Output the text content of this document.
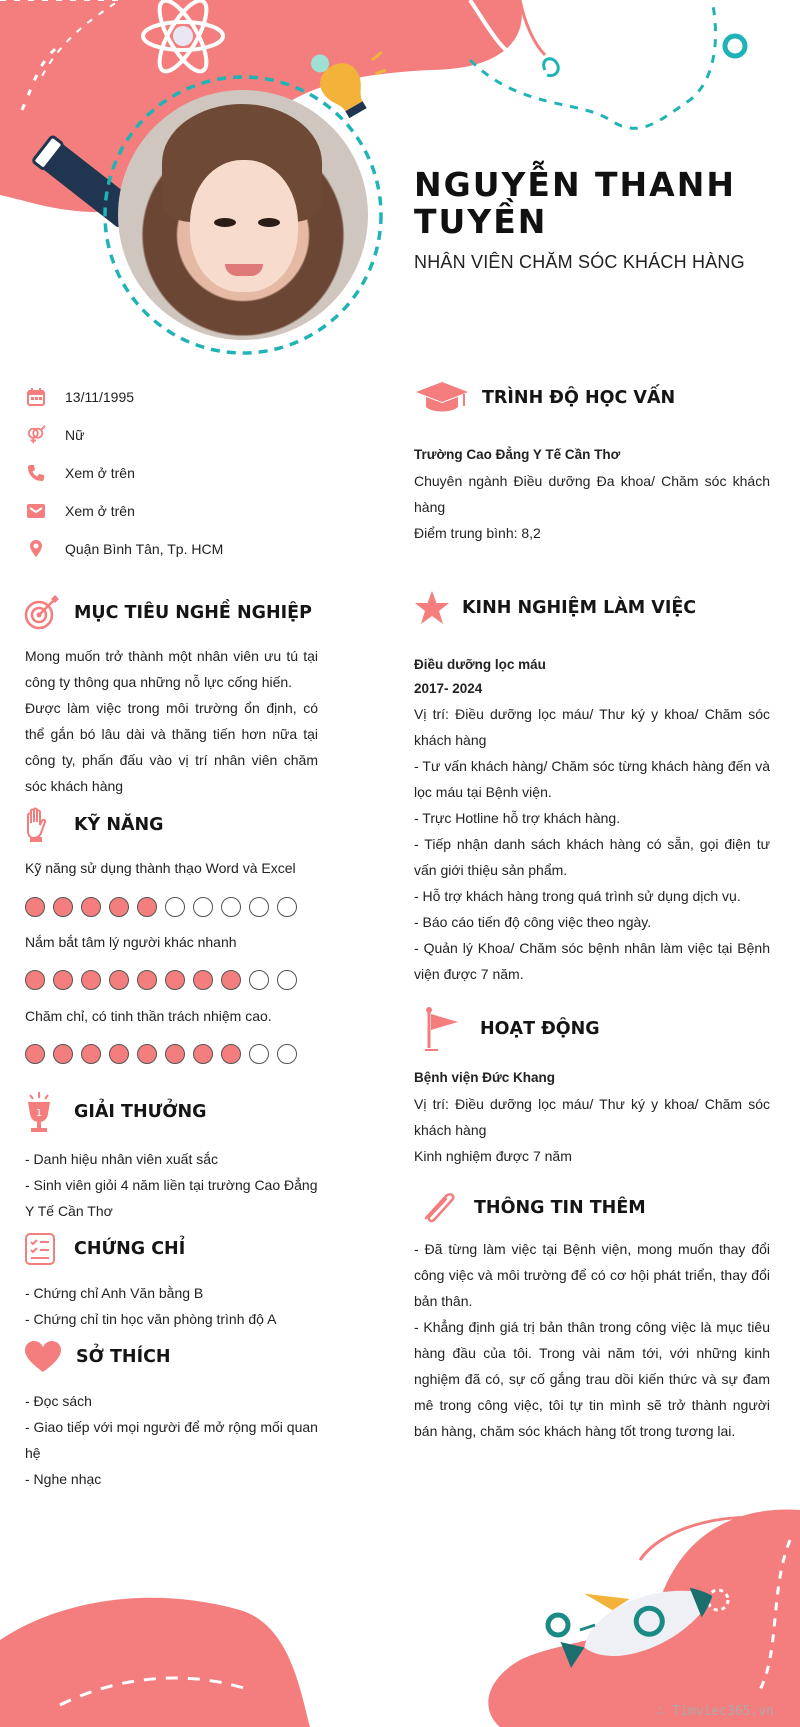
NGUYỄN THANH TUYỀN
NHÂN VIÊN CHĂM SÓC KHÁCH HÀNG
13/11/1995
Nữ
Xem ở trên
Xem ở trên
Quận Bình Tân, Tp. HCM
MỤC TIÊU NGHỀ NGHIỆP

Mong muốn trở thành một nhân viên ưu tú tại công ty thông qua những nỗ lực cống hiến.

Được làm việc trong môi trường ổn định, có thể gắn bó lâu dài và thăng tiến hơn nữa tại công ty, phấn đấu vào vị trí nhân viên chăm sóc khách hàng

KỸ NĂNG
Kỹ năng sử dụng thành thạo Word và Excel
Nắm bắt tâm lý người khác nhanh
Chăm chỉ, có tinh thần trách nhiệm cao.
1 GIẢI THƯỞNG

- Danh hiệu nhân viên xuất sắc

- Sinh viên giỏi 4 năm liền tại trường Cao Đẳng Y Tế Cần Thơ

CHỨNG CHỈ

- Chứng chỉ Anh Văn bằng B

- Chứng chỉ tin học văn phòng trình độ A

SỞ THÍCH

- Đọc sách

- Giao tiếp với mọi người để mở rộng mối quan hệ

- Nghe nhạc

TRÌNH ĐỘ HỌC VẤN

Trường Cao Đẳng Y Tế Cần Thơ

Chuyên ngành Điều dưỡng Đa khoa/ Chăm sóc khách hàng

Điểm trung bình: 8,2

KINH NGHIỆM LÀM VIỆC

Điều dưỡng lọc máu

2017- 2024

Vị trí: Điều dưỡng lọc máu/ Thư ký y khoa/ Chăm sóc khách hàng

- Tư vấn khách hàng/ Chăm sóc từng khách hàng đến và lọc máu tại Bệnh viện.

- Trực Hotline hỗ trợ khách hàng.

- Tiếp nhận danh sách khách hàng có sẵn, gọi điện tư vấn giới thiệu sản phẩm.

- Hỗ trợ khách hàng trong quá trình sử dụng dịch vụ.

- Báo cáo tiến độ công việc theo ngày.

- Quản lý Khoa/ Chăm sóc bệnh nhân làm việc tại Bệnh viện được 7 năm.

HOẠT ĐỘNG

Bệnh viện Đức Khang

Vị trí: Điều dưỡng lọc máu/ Thư ký y khoa/ Chăm sóc khách hàng

Kinh nghiệm được 7 năm

THÔNG TIN THÊM

- Đã từng làm việc tại Bệnh viện, mong muốn thay đổi công việc và môi trường để có cơ hội phát triển, thay đổi bản thân.

- Khẳng định giá trị bản thân trong công việc là mục tiêu hàng đầu của tôi. Trong vài năm tới, với những kinh nghiệm đã có, sự cố gắng trau dồi kiến thức và sự đam mê trong công việc, tôi tự tin mình sẽ trở thành người bán hàng, chăm sóc khách hàng tốt trong tương lai.

∴ Timviec365.vn
